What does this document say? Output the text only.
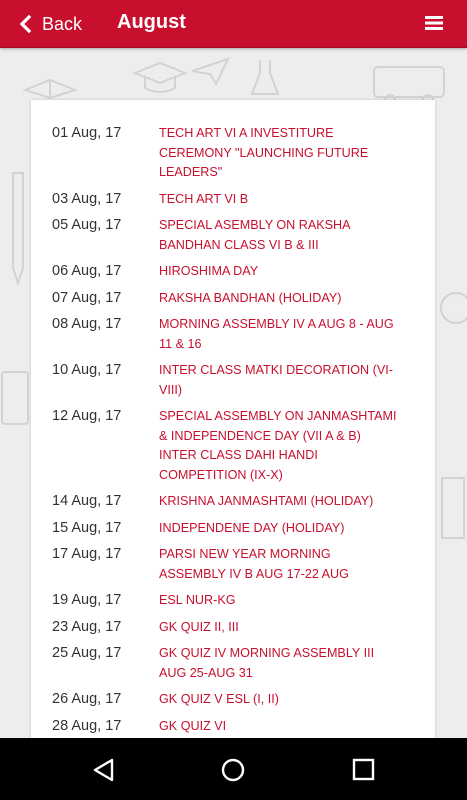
Back August
01 Aug, 17	TECH ART VI A INVESTITURE CEREMONY "LAUNCHING FUTURE LEADERS"
03 Aug, 17	TECH ART VI B
05 Aug, 17	SPECIAL ASEMBLY ON RAKSHA BANDHAN CLASS VI B & III
06 Aug, 17	HIROSHIMA DAY
07 Aug, 17	RAKSHA BANDHAN (HOLIDAY)
08 Aug, 17	MORNING ASSEMBLY IV A AUG 8 - AUG 11 & 16
10 Aug, 17	INTER CLASS MATKI DECORATION (VI-VIII)
12 Aug, 17	SPECIAL ASSEMBLY ON JANMASHTAMI & INDEPENDENCE DAY (VII A & B) INTER CLASS DAHI HANDI COMPETITION (IX-X)
14 Aug, 17	KRISHNA JANMASHTAMI (HOLIDAY)
15 Aug, 17	INDEPENDENE DAY (HOLIDAY)
17 Aug, 17	PARSI NEW YEAR MORNING ASSEMBLY IV B AUG 17-22 AUG
19 Aug, 17	ESL NUR-KG
23 Aug, 17	GK QUIZ II, III
25 Aug, 17	GK QUIZ IV MORNING ASSEMBLY III AUG 25-AUG 31
26 Aug, 17	GK QUIZ V ESL (I, II)
28 Aug, 17	GK QUIZ VI
